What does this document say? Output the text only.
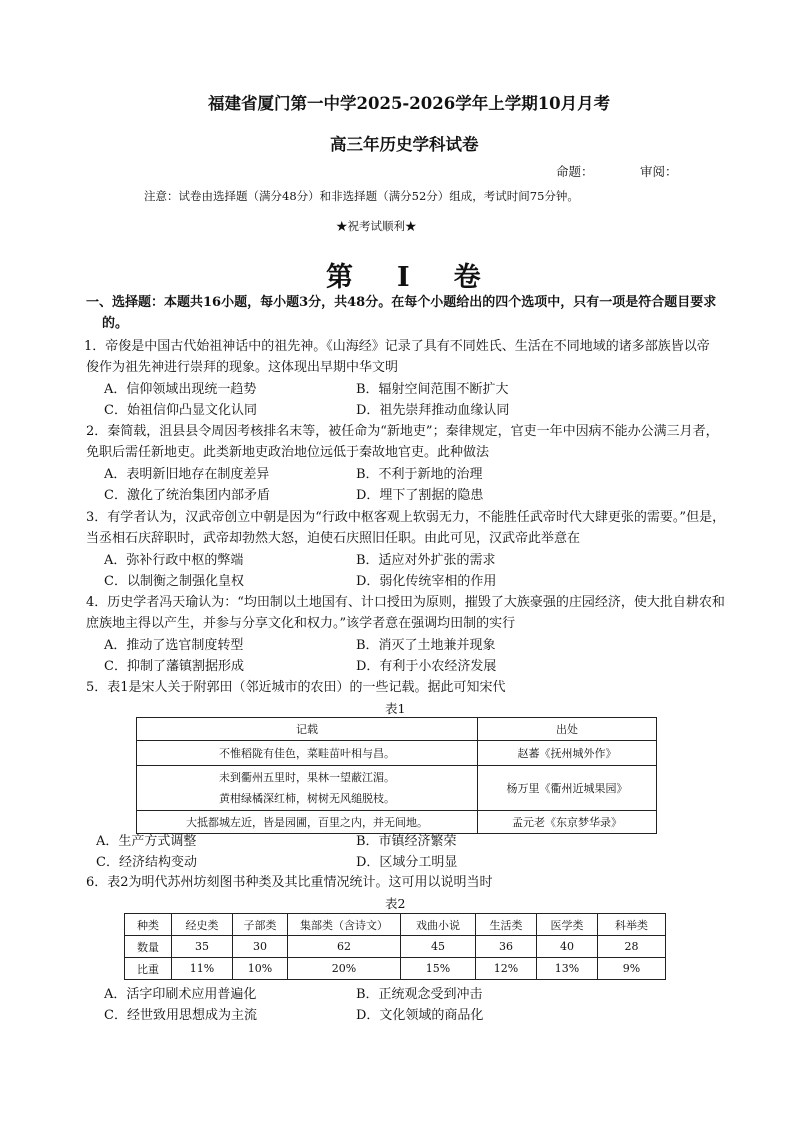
福建省厦门第一中学2025-2026学年上学期10月月考
高三年历史学科试卷
命题：	审阅：
注意：试卷由选择题（满分48分）和非选择题（满分52分）组成，考试时间75分钟。
★祝考试顺利★
第 Ⅰ 卷
一、选择题：本题共16小题，每小题3分，共48分。在每个小题给出的四个选项中，只有一项是符合题目要求的。
1．帝俊是中国古代始祖神话中的祖先神。《山海经》记录了具有不同姓氏、生活在不同地域的诸多部族皆以帝俊作为祖先神进行崇拜的现象。这体现出早期中华文明
A．信仰领域出现统一趋势	B．辐射空间范围不断扩大
C．始祖信仰凸显文化认同	D．祖先崇拜推动血缘认同
2．秦简载，沮县县令周因考核排名末等，被任命为“新地吏”；秦律规定，官吏一年中因病不能办公满三月者，免职后需任新地吏。此类新地吏政治地位远低于秦故地官吏。此种做法
A．表明新旧地存在制度差异	B．不利于新地的治理
C．激化了统治集团内部矛盾	D．埋下了割据的隐患
3．有学者认为，汉武帝创立中朝是因为“行政中枢客观上软弱无力，不能胜任武帝时代大肆更张的需要。”但是，当丞相石庆辞职时，武帝却勃然大怒，迫使石庆照旧任职。由此可见，汉武帝此举意在
A．弥补行政中枢的弊端	B．适应对外扩张的需求
C．以制衡之制强化皇权	D．弱化传统宰相的作用
4．历史学者冯天瑜认为：“均田制以土地国有、计口授田为原则，摧毁了大族豪强的庄园经济，使大批自耕农和庶族地主得以产生，并参与分享文化和权力。”该学者意在强调均田制的实行
A．推动了选官制度转型	B．消灭了土地兼并现象
C．抑制了藩镇割据形成	D．有利于小农经济发展
5．表1是宋人关于附郭田（邻近城市的农田）的一些记载。据此可知宋代
表1
记载	出处
不惟稻陇有佳色，菜畦苗叶相与昌。	赵蕃《抚州城外作》

未到衢州五里时，果林一望蔽江湄。
黄柑绿橘深红柿，树树无风缒脱枝。	杨万里《衢州近城果园》
大抵都城左近，皆是园圃，百里之内，并无间地。	孟元老《东京梦华录》
A．生产方式调整	B．市镇经济繁荣
C．经济结构变动	D．区域分工明显
6．表2为明代苏州坊刻图书种类及其比重情况统计。这可用以说明当时
表2
种类	经史类	子部类	集部类（含诗文）	戏曲小说	生活类	医学类	科举类
数量	35	30	62	45	36	40	28
比重	11%	10%	20%	15%	12%	13%	9%
A．活字印刷术应用普遍化	B．正统观念受到冲击
C．经世致用思想成为主流	D．文化领域的商品化
